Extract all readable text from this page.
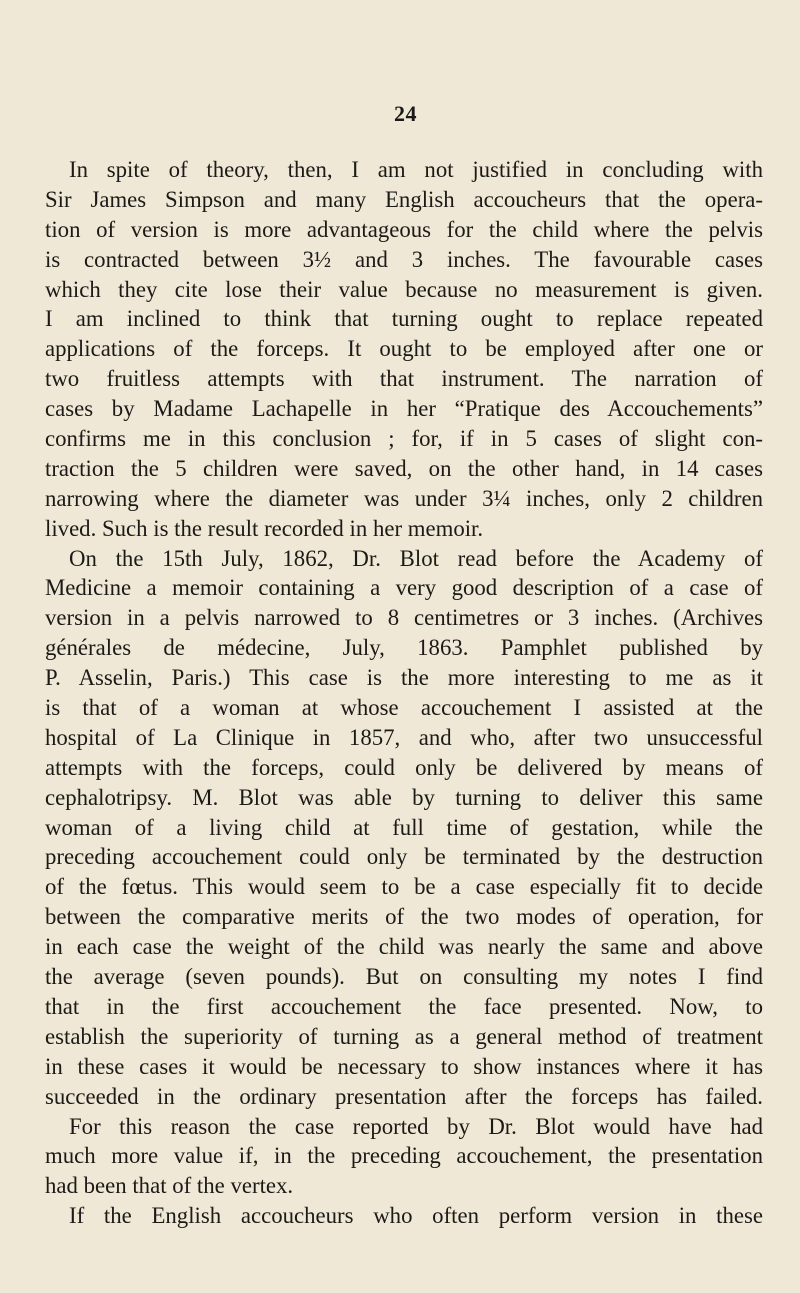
24
In spite of theory, then, I am not justified in concluding with
Sir James Simpson and many English accoucheurs that the opera-
tion of version is more advantageous for the child where the pelvis
is contracted between 3½ and 3 inches. The favourable cases
which they cite lose their value because no measurement is given.
I am inclined to think that turning ought to replace repeated
applications of the forceps. It ought to be employed after one or
two fruitless attempts with that instrument. The narration of
cases by Madame Lachapelle in her “Pratique des Accouchements”
confirms me in this conclusion ; for, if in 5 cases of slight con-
traction the 5 children were saved, on the other hand, in 14 cases
narrowing where the diameter was under 3¼ inches, only 2 children
lived. Such is the result recorded in her memoir.
On the 15th July, 1862, Dr. Blot read before the Academy of
Medicine a memoir containing a very good description of a case of
version in a pelvis narrowed to 8 centimetres or 3 inches. (Archives
générales de médecine, July, 1863. Pamphlet published by
P. Asselin, Paris.) This case is the more interesting to me as it
is that of a woman at whose accouchement I assisted at the
hospital of La Clinique in 1857, and who, after two unsuccessful
attempts with the forceps, could only be delivered by means of
cephalotripsy. M. Blot was able by turning to deliver this same
woman of a living child at full time of gestation, while the
preceding accouchement could only be terminated by the destruction
of the fœtus. This would seem to be a case especially fit to decide
between the comparative merits of the two modes of operation, for
in each case the weight of the child was nearly the same and above
the average (seven pounds). But on consulting my notes I find
that in the first accouchement the face presented. Now, to
establish the superiority of turning as a general method of treatment
in these cases it would be necessary to show instances where it has
succeeded in the ordinary presentation after the forceps has failed.
For this reason the case reported by Dr. Blot would have had
much more value if, in the preceding accouchement, the presentation
had been that of the vertex.
If the English accoucheurs who often perform version in these
